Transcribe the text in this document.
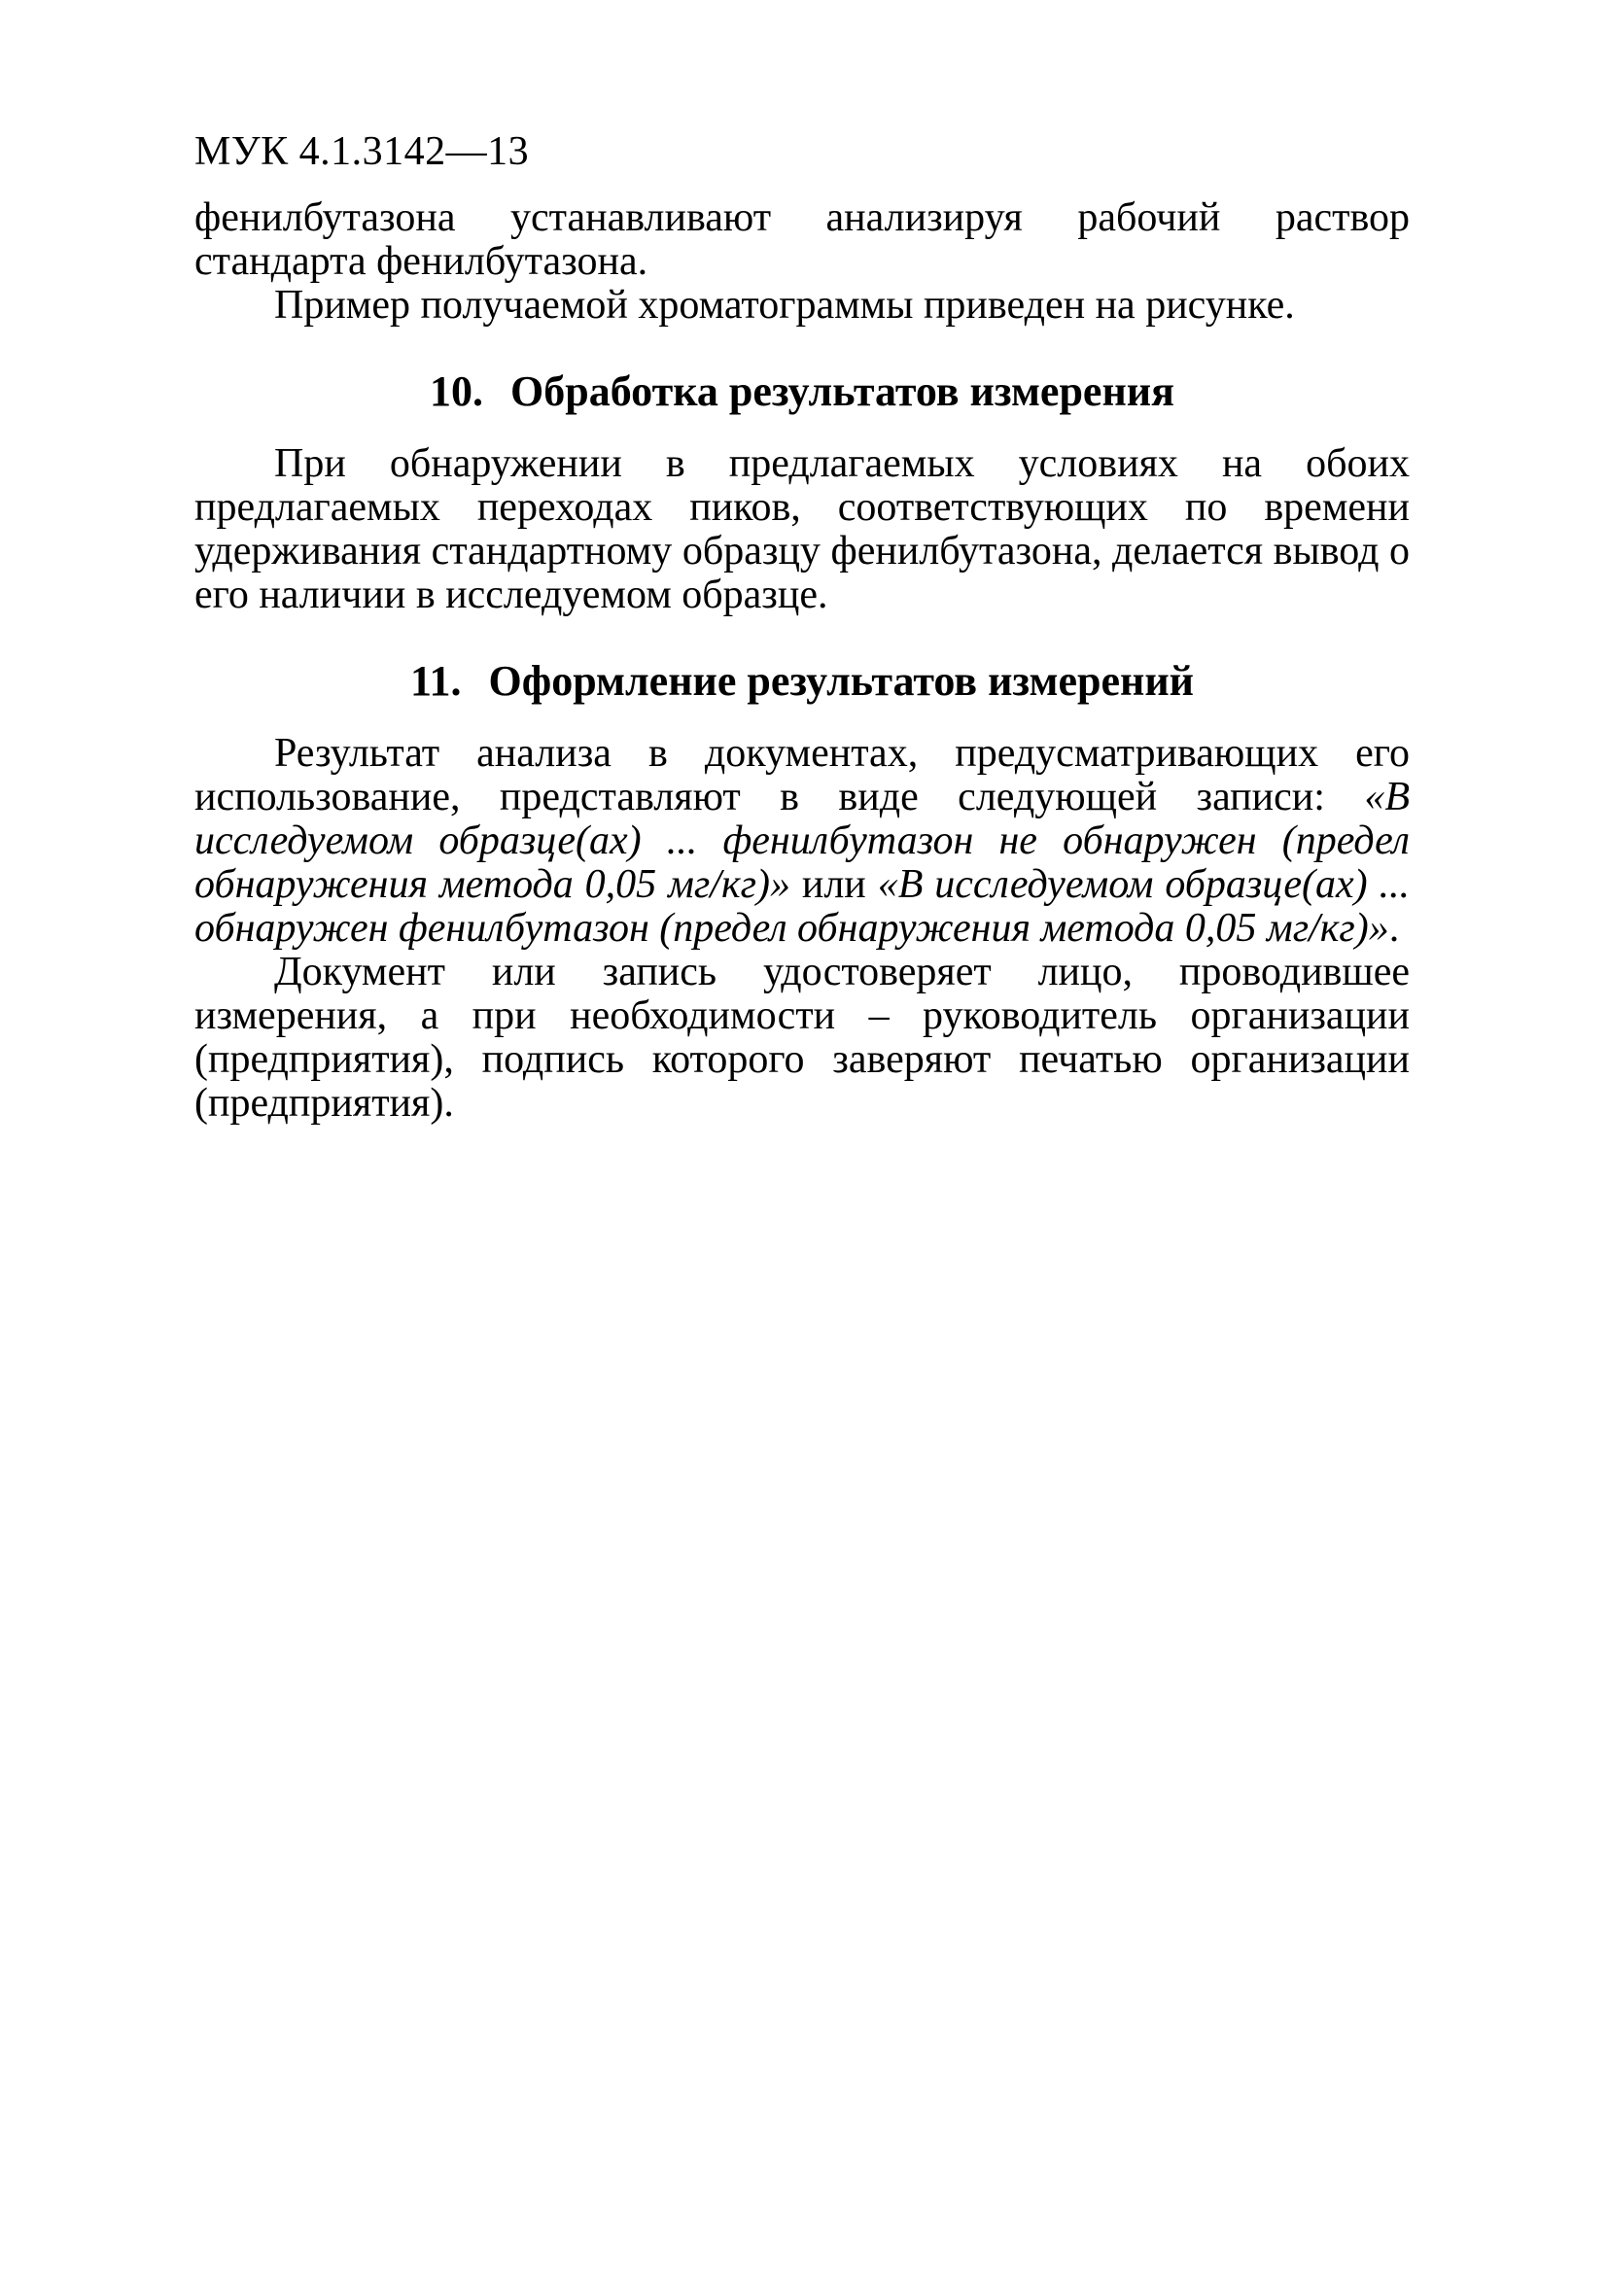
МУК 4.1.3142—13

фенилбутазона устанавливают анализируя рабочий раствор стандарта фенилбутазона.

Пример получаемой хроматограммы приведен на рисунке.

10. Обработка результатов измерения

При обнаружении в предлагаемых условиях на обоих предлагаемых переходах пиков, соответствующих по времени удерживания стандартному образцу фенилбутазона, делается вывод о его наличии в исследуемом образце.

11. Оформление результатов измерений

Результат анализа в документах, предусматривающих его использование, представляют в виде следующей записи: «В исследуемом образце(ах) ... фенилбутазон не обнаружен (предел обнаружения метода 0,05 мг/кг)» или «В исследуемом образце(ах) ... обнаружен фенилбутазон (предел обнаружения метода 0,05 мг/кг)».

Документ или запись удостоверяет лицо, проводившее измерения, а при необходимости – руководитель организации (предприятия), подпись которого заверяют печатью организации (предприятия).
